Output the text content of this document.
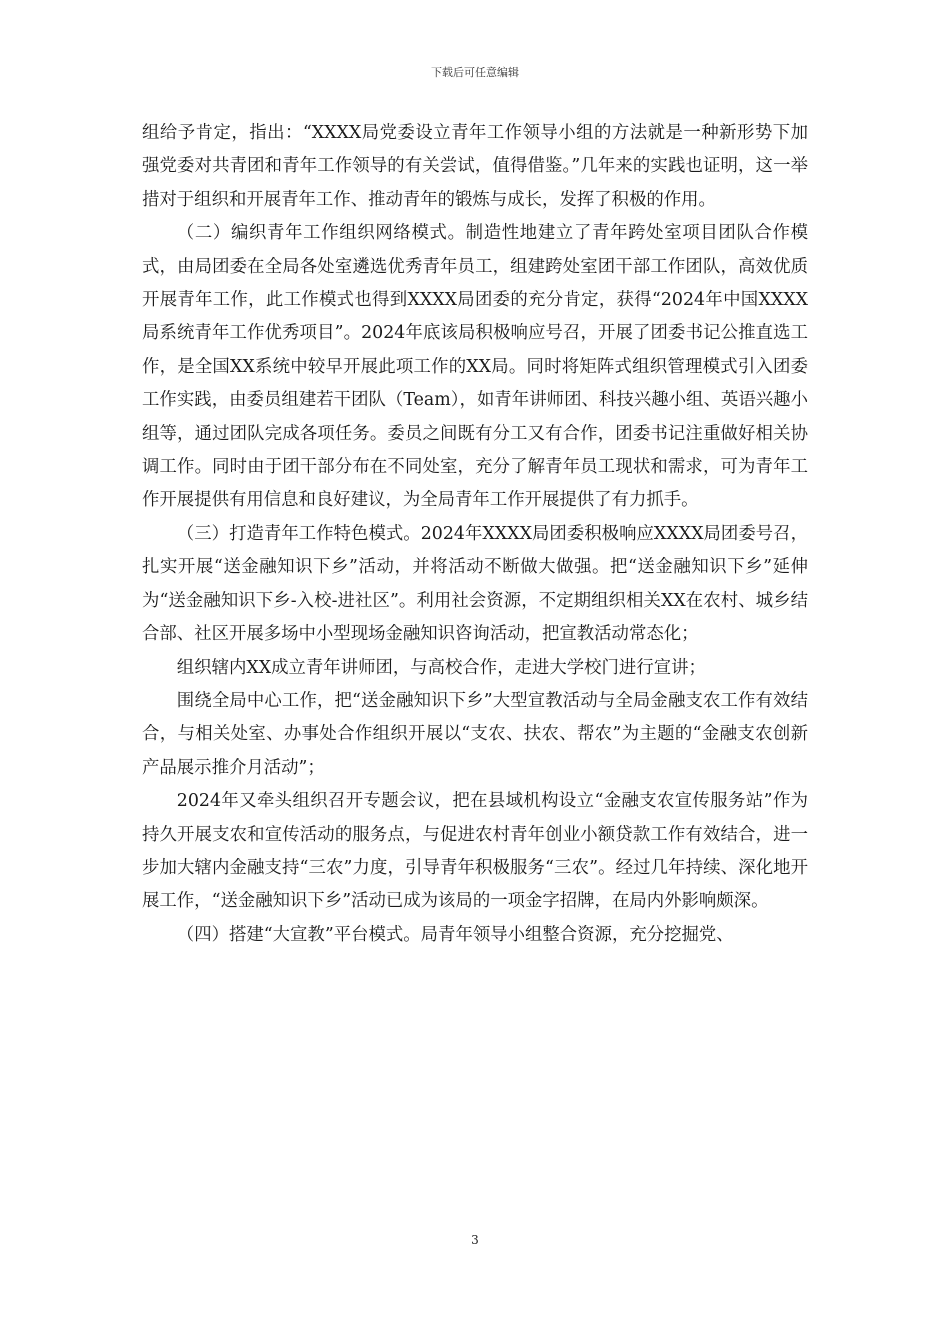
下载后可任意编辑

组给予肯定，指出：“XXXX局党委设立青年工作领导小组的方法就是一种新形势下加强党委对共青团和青年工作领导的有关尝试，值得借鉴。”几年来的实践也证明，这一举措对于组织和开展青年工作、推动青年的锻炼与成长，发挥了积极的作用。

（二）编织青年工作组织网络模式。制造性地建立了青年跨处室项目团队合作模式，由局团委在全局各处室遴选优秀青年员工，组建跨处室团干部工作团队，高效优质开展青年工作，此工作模式也得到XXXX局团委的充分肯定，获得“2024年中国XXXX局系统青年工作优秀项目”。2024年底该局积极响应号召，开展了团委书记公推直选工作，是全国XX系统中较早开展此项工作的XX局。同时将矩阵式组织管理模式引入团委工作实践，由委员组建若干团队（Team），如青年讲师团、科技兴趣小组、英语兴趣小组等，通过团队完成各项任务。委员之间既有分工又有合作，团委书记注重做好相关协调工作。同时由于团干部分布在不同处室，充分了解青年员工现状和需求，可为青年工作开展提供有用信息和良好建议，为全局青年工作开展提供了有力抓手。

（三）打造青年工作特色模式。2024年XXXX局团委积极响应XXXX局团委号召，扎实开展“送金融知识下乡”活动，并将活动不断做大做强。把“送金融知识下乡”延伸为“送金融知识下乡-入校-进社区”。利用社会资源，不定期组织相关XX在农村、城乡结合部、社区开展多场中小型现场金融知识咨询活动，把宣教活动常态化；

组织辖内XX成立青年讲师团，与高校合作，走进大学校门进行宣讲；

围绕全局中心工作，把“送金融知识下乡”大型宣教活动与全局金融支农工作有效结合，与相关处室、办事处合作组织开展以“支农、扶农、帮农”为主题的“金融支农创新产品展示推介月活动”；

2024年又牵头组织召开专题会议，把在县域机构设立“金融支农宣传服务站”作为持久开展支农和宣传活动的服务点，与促进农村青年创业小额贷款工作有效结合，进一步加大辖内金融支持“三农”力度，引导青年积极服务“三农”。经过几年持续、深化地开展工作，“送金融知识下乡”活动已成为该局的一项金字招牌，在局内外影响颇深。

（四）搭建“大宣教”平台模式。局青年领导小组整合资源，充分挖掘党、

3
